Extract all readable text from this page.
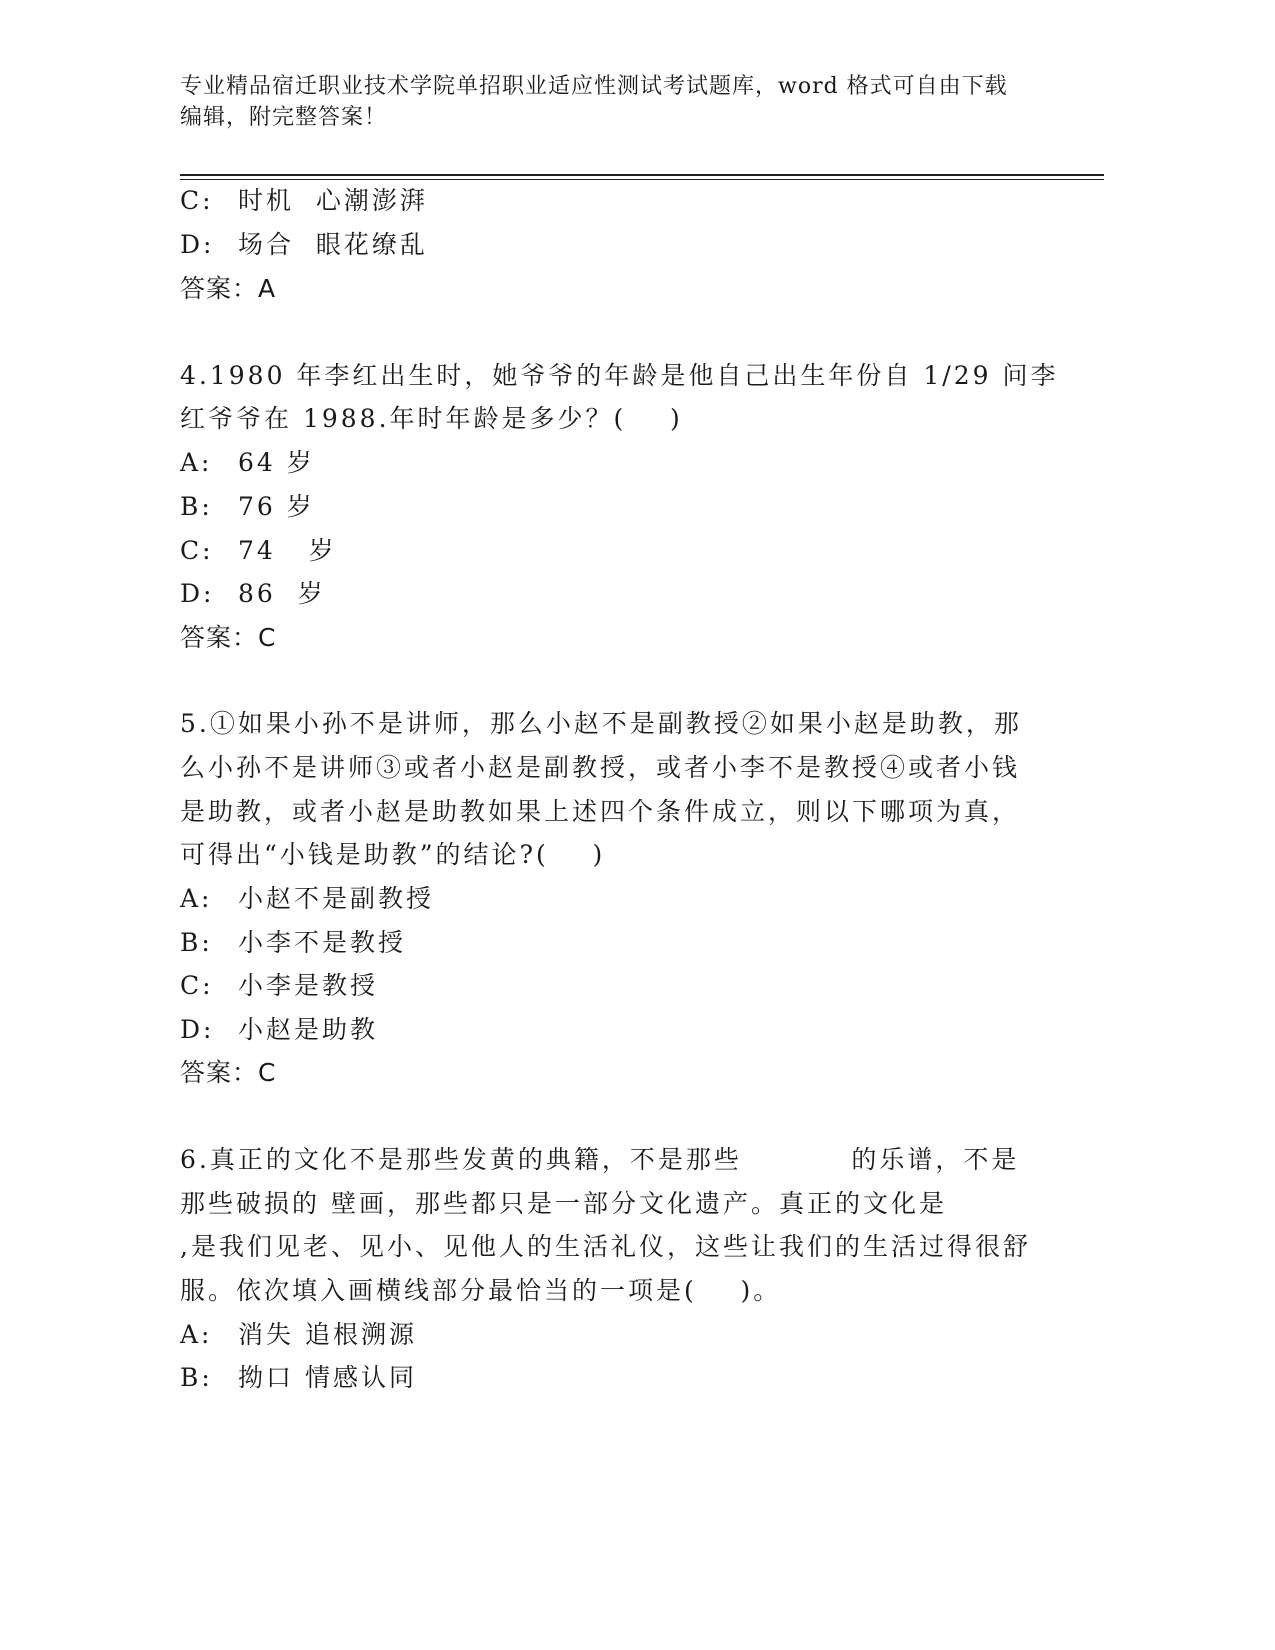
专业精品宿迁职业技术学院单招职业适应性测试考试题库，word 格式可自由下载
编辑，附完整答案！
C: 时机  心潮澎湃
D: 场合  眼花缭乱
答案：A
4.1980 年李红出生时，她爷爷的年龄是他自己出生年份自 1/29 问李
红爷爷在 1988.年时年龄是多少？(    )
A: 64 岁
B: 76 岁
C: 74   岁
D: 86  岁
答案：C
5.①如果小孙不是讲师，那么小赵不是副教授②如果小赵是助教，那
么小孙不是讲师③或者小赵是副教授，或者小李不是教授④或者小钱
是助教，或者小赵是助教如果上述四个条件成立，则以下哪项为真，
可得出“小钱是助教”的结论?(    )
A: 小赵不是副教授
B: 小李不是教授
C: 小李是教授
D: 小赵是助教
答案：C
6.真正的文化不是那些发黄的典籍，不是那些          的乐谱，不是
那些破损的 壁画，那些都只是一部分文化遗产。真正的文化是
,是我们见老、见小、见他人的生活礼仪，这些让我们的生活过得很舒
服。依次填入画横线部分最恰当的一项是(    )。
A: 消失 追根溯源
B: 拗口 情感认同
